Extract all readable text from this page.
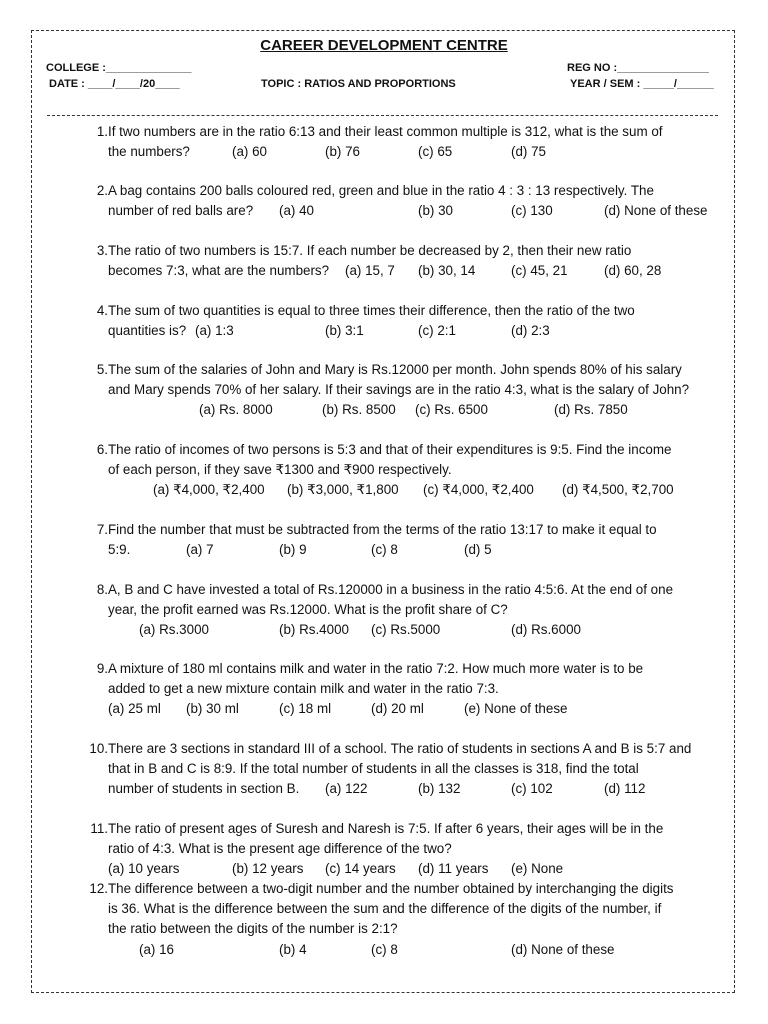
CAREER DEVELOPMENT CENTRE
COLLEGE :______________	REG NO :_______________
DATE : ____/____/20____	TOPIC : RATIOS AND PROPORTIONS	YEAR / SEM : _____/______
1. If two numbers are in the ratio 6:13 and their least common multiple is 312, what is the sum of
the numbers?	(a) 60	(b) 76	(c) 65	(d) 75
2. A bag contains 200 balls coloured red, green and blue in the ratio 4 : 3 : 13 respectively. The
number of red balls are? (a) 40	(b) 30	(c) 130	(d) None of these
3. The ratio of two numbers is 15:7. If each number be decreased by 2, then their new ratio
becomes 7:3, what are the numbers? (a) 15, 7 (b) 30, 14	(c) 45, 21	(d) 60, 28
4. The sum of two quantities is equal to three times their difference, then the ratio of the two
quantities is? (a) 1:3	(b) 3:1	(c) 2:1	(d) 2:3
5. The sum of the salaries of John and Mary is Rs.12000 per month. John spends 80% of his salary
and Mary spends 70% of her salary. If their savings are in the ratio 4:3, what is the salary of John?
(a) Rs. 8000	(b) Rs. 8500 (c) Rs. 6500	(d) Rs. 7850
6. The ratio of incomes of two persons is 5:3 and that of their expenditures is 9:5. Find the income
of each person, if they save ₹1300 and ₹900 respectively.
(a) ₹4,000, ₹2,400 (b) ₹3,000, ₹1,800 (c) ₹4,000, ₹2,400 (d) ₹4,500, ₹2,700
7. Find the number that must be subtracted from the terms of the ratio 13:17 to make it equal to
5:9.	(a) 7	(b) 9	(c) 8	(d) 5
8. A, B and C have invested a total of Rs.120000 in a business in the ratio 4:5:6. At the end of one
year, the profit earned was Rs.12000. What is the profit share of C?
(a) Rs.3000	(b) Rs.4000 (c) Rs.5000	(d) Rs.6000
9. A mixture of 180 ml contains milk and water in the ratio 7:2. How much more water is to be
added to get a new mixture contain milk and water in the ratio 7:3.
(a) 25 ml (b) 30 ml	(c) 18 ml	(d) 20 ml	(e) None of these
10. There are 3 sections in standard III of a school. The ratio of students in sections A and B is 5:7 and
that in B and C is 8:9. If the total number of students in all the classes is 318, find the total
number of students in section B. (a) 122	(b) 132	(c) 102	(d) 112
11. The ratio of present ages of Suresh and Naresh is 7:5. If after 6 years, their ages will be in the
ratio of 4:3. What is the present age difference of the two?
(a) 10 years	(b) 12 years (c) 14 years (d) 11 years (e) None
12. The difference between a two-digit number and the number obtained by interchanging the digits
is 36. What is the difference between the sum and the difference of the digits of the number, if
the ratio between the digits of the number is 2:1?
(a) 16	(b) 4	(c) 8	(d) None of these
